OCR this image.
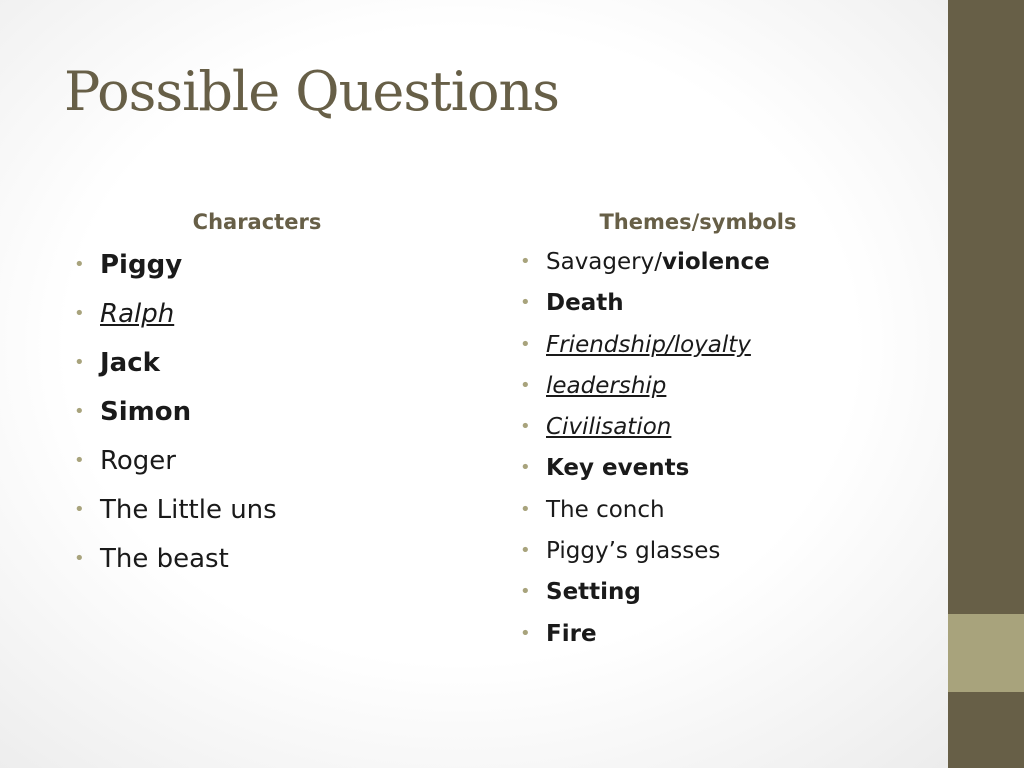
Possible Questions
Characters
• Piggy
• Ralph
• Jack
• Simon
• Roger
• The Little uns
• The beast
Themes/symbols
• Savagery/violence
• Death
• Friendship/loyalty
• leadership
• Civilisation
• Key events
• The conch
• Piggy’s glasses
• Setting
• Fire
